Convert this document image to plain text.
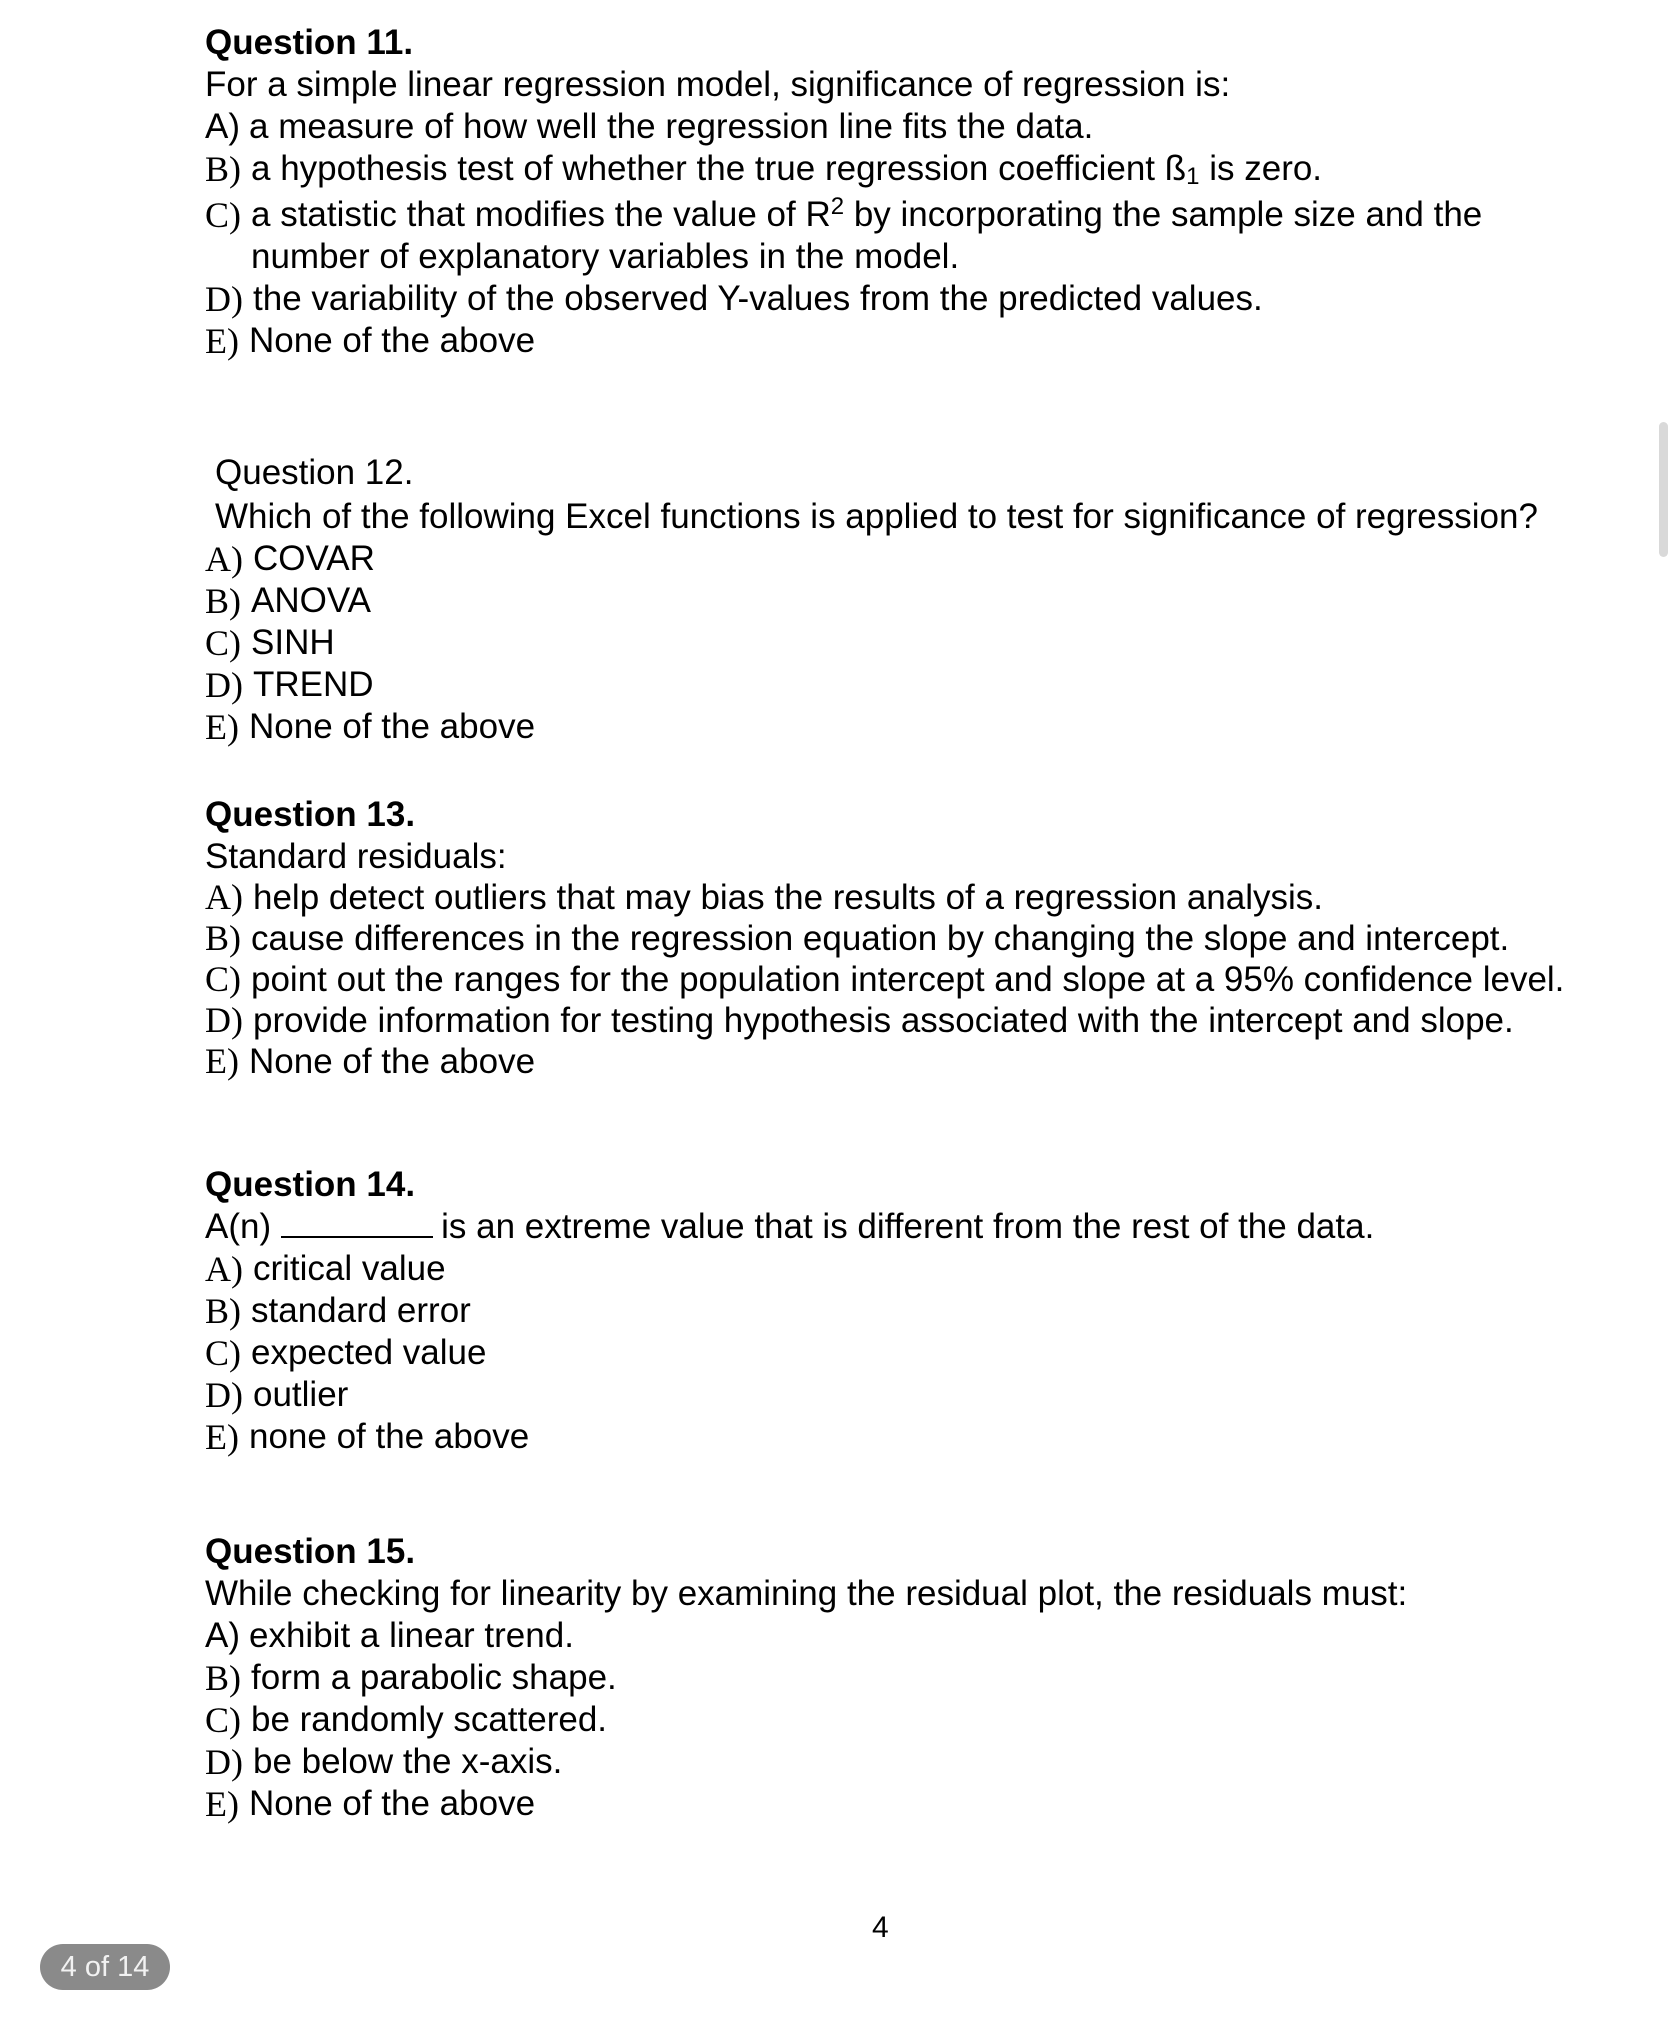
Question 11.

For a simple linear regression model, significance of regression is:

A) a measure of how well the regression line fits the data.

B) a hypothesis test of whether the true regression coefficient $ß_1$ is zero.

C) a statistic that modifies the value of $R^2$ by incorporating the sample size and the number of explanatory variables in the model.

D) the variability of the observed Y-values from the predicted values.

E) None of the above

Question 12.

Which of the following Excel functions is applied to test for significance of regression?

A) COVAR

B) ANOVA

C) SINH

D) TREND

E) None of the above

Question 13.

Standard residuals:

A) help detect outliers that may bias the results of a regression analysis.

B) cause differences in the regression equation by changing the slope and intercept.

C) point out the ranges for the population intercept and slope at a 95% confidence level.

D) provide information for testing hypothesis associated with the intercept and slope.

E) None of the above

Question 14.

A(n)	is an extreme value that is different from the rest of the data.

A) critical value

B) standard error

C) expected value

D) outlier

E) none of the above

Question 15.

While checking for linearity by examining the residual plot, the residuals must:

A) exhibit a linear trend.

B) form a parabolic shape.

C) be randomly scattered.

D) be below the x-axis.

E) None of the above

4
4 of 14
